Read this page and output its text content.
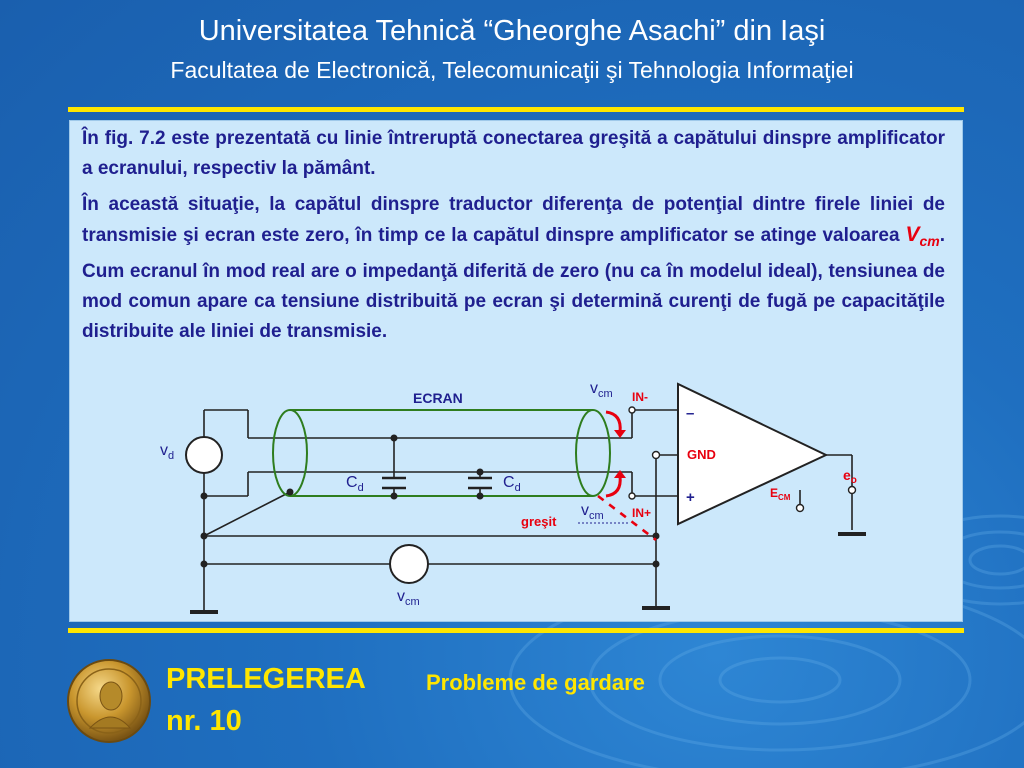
Universitatea Tehnică “Gheorghe Asachi” din Iaşi
Facultatea de Electronică, Telecomunicaţii şi Tehnologia Informaţiei

În fig. 7.2 este prezentată cu linie întreruptă conectarea greşită a capătului dinspre amplificator a ecranului, respectiv la pământ.

În această situaţie, la capătul dinspre traductor diferenţa de potenţial dintre firele liniei de transmisie şi ecran este zero, în timp ce la capătul dinspre amplificator se atinge valoarea $V_{cm}$. Cum ecranul în mod real are o impedanţă diferită de zero (nu ca în modelul ideal), tensiunea de mod comun apare ca tensiune distribuită pe ecran şi determină curenţi de fugă pe capacităţile distribuite ale liniei de transmisie.

ECRAN
$v_d$
$C_d$	$C_d$
$v_{cm}$
$v_{cm}$
$v_{cm}$
IN-
IN+
–
+
GND
$E_{CM}$
$e_o$
greşit
PRELEGEREA
nr. 10
Probleme de gardare
